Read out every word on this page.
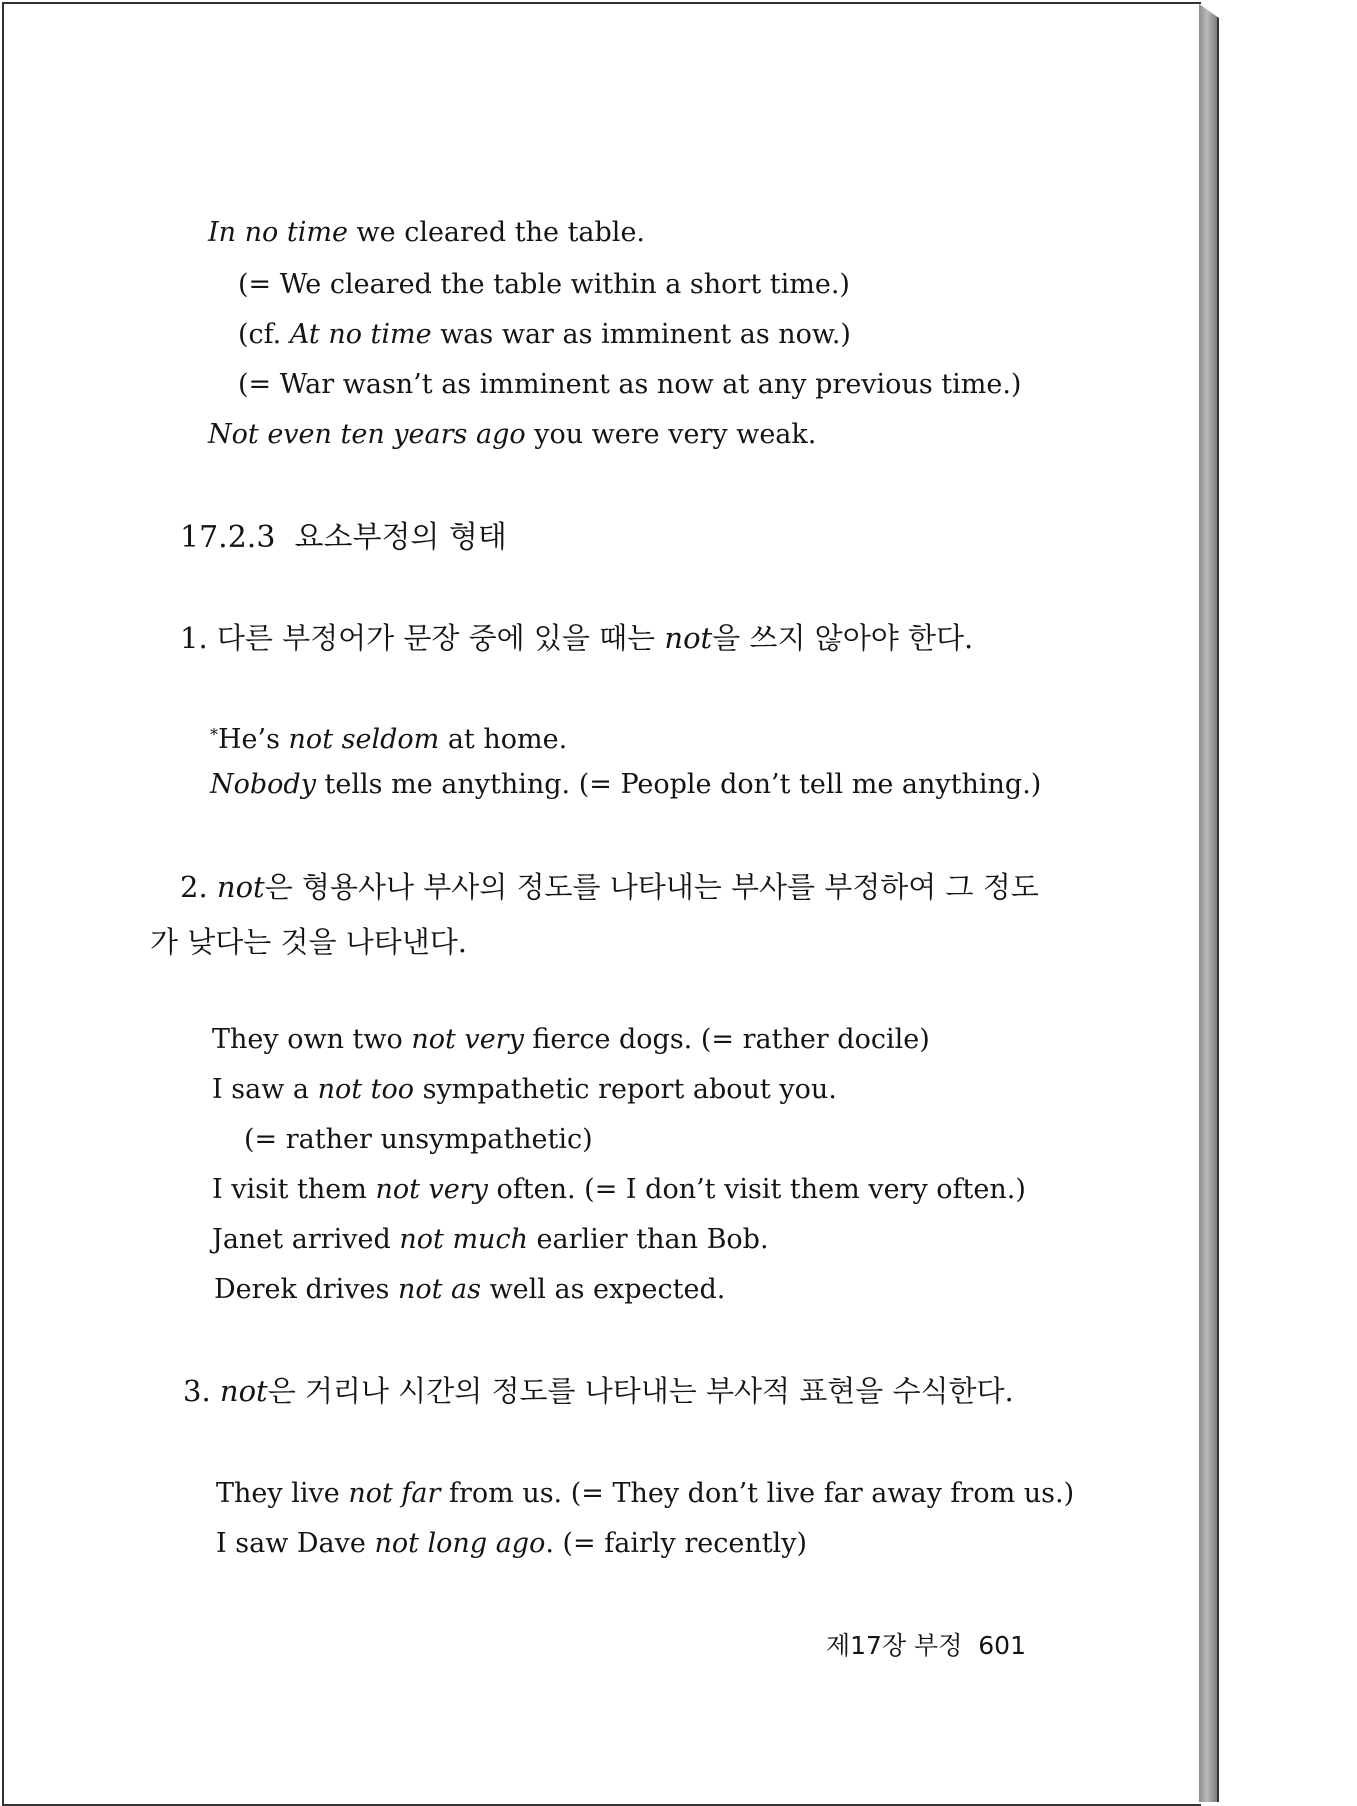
In no time we cleared the table.
(= We cleared the table within a short time.)
(cf. At no time was war as imminent as now.)
(= War wasn’t as imminent as now at any previous time.)
Not even ten years ago you were very weak.
17.2.3 요소부정의 형태
1. 다른 부정어가 문장 중에 있을 때는 not을 쓰지 않아야 한다.
*He’s not seldom at home.
Nobody tells me anything. (= People don’t tell me anything.)
2. not은 형용사나 부사의 정도를 나타내는 부사를 부정하여 그 정도
가 낮다는 것을 나타낸다.
They own two not very fierce dogs. (= rather docile)
I saw a not too sympathetic report about you.
(= rather unsympathetic)
I visit them not very often. (= I don’t visit them very often.)
Janet arrived not much earlier than Bob.
Derek drives not as well as expected.
3. not은 거리나 시간의 정도를 나타내는 부사적 표현을 수식한다.
They live not far from us. (= They don’t live far away from us.)
I saw Dave not long ago. (= fairly recently)
제17장 부정 601
